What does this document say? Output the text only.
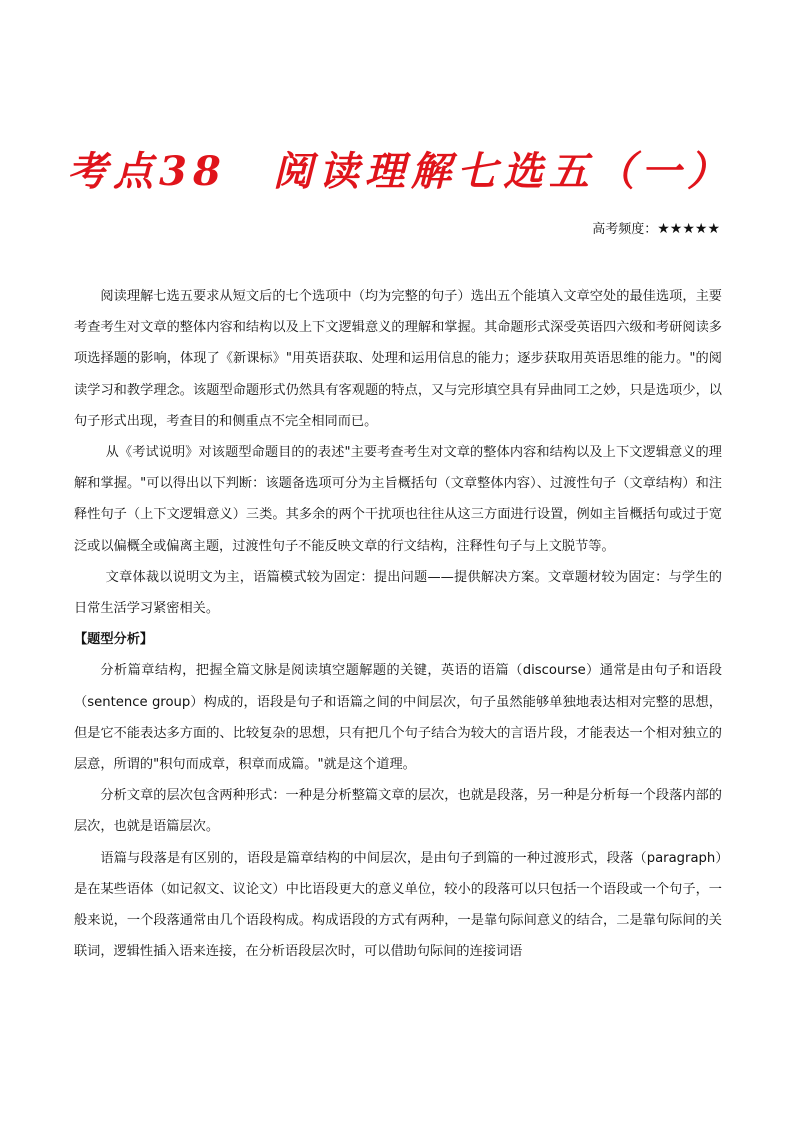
考点38　阅读理解七选五（一）
高考频度：★★★★★

阅读理解七选五要求从短文后的七个选项中（均为完整的句子）选出五个能填入文章空处的最佳选项，主要考查考生对文章的整体内容和结构以及上下文逻辑意义的理解和掌握。其命题形式深受英语四六级和考研阅读多项选择题的影响，体现了《新课标》"用英语获取、处理和运用信息的能力；逐步获取用英语思维的能力。"的阅读学习和教学理念。该题型命题形式仍然具有客观题的特点，又与完形填空具有异曲同工之妙，只是选项少，以句子形式出现，考查目的和侧重点不完全相同而已。

从《考试说明》对该题型命题目的的表述"主要考查考生对文章的整体内容和结构以及上下文逻辑意义的理解和掌握。"可以得出以下判断：该题备选项可分为主旨概括句（文章整体内容）、过渡性句子（文章结构）和注释性句子（上下文逻辑意义）三类。其多余的两个干扰项也往往从这三方面进行设置，例如主旨概括句或过于宽泛或以偏概全或偏离主题，过渡性句子不能反映文章的行文结构，注释性句子与上文脱节等。

文章体裁以说明文为主，语篇模式较为固定：提出问题——提供解决方案。文章题材较为固定：与学生的日常生活学习紧密相关。

【题型分析】

分析篇章结构，把握全篇文脉是阅读填空题解题的关键，英语的语篇（discourse）通常是由句子和语段（sentence group）构成的，语段是句子和语篇之间的中间层次，句子虽然能够单独地表达相对完整的思想，但是它不能表达多方面的、比较复杂的思想，只有把几个句子结合为较大的言语片段，才能表达一个相对独立的层意，所谓的"积句而成章，积章而成篇。"就是这个道理。

分析文章的层次包含两种形式：一种是分析整篇文章的层次，也就是段落，另一种是分析每一个段落内部的层次，也就是语篇层次。

语篇与段落是有区别的，语段是篇章结构的中间层次，是由句子到篇的一种过渡形式，段落（paragraph）是在某些语体（如记叙文、议论文）中比语段更大的意义单位，较小的段落可以只包括一个语段或一个句子，一般来说，一个段落通常由几个语段构成。构成语段的方式有两种，一是靠句际间意义的结合，二是靠句际间的关联词，逻辑性插入语来连接，在分析语段层次时，可以借助句际间的连接词语
